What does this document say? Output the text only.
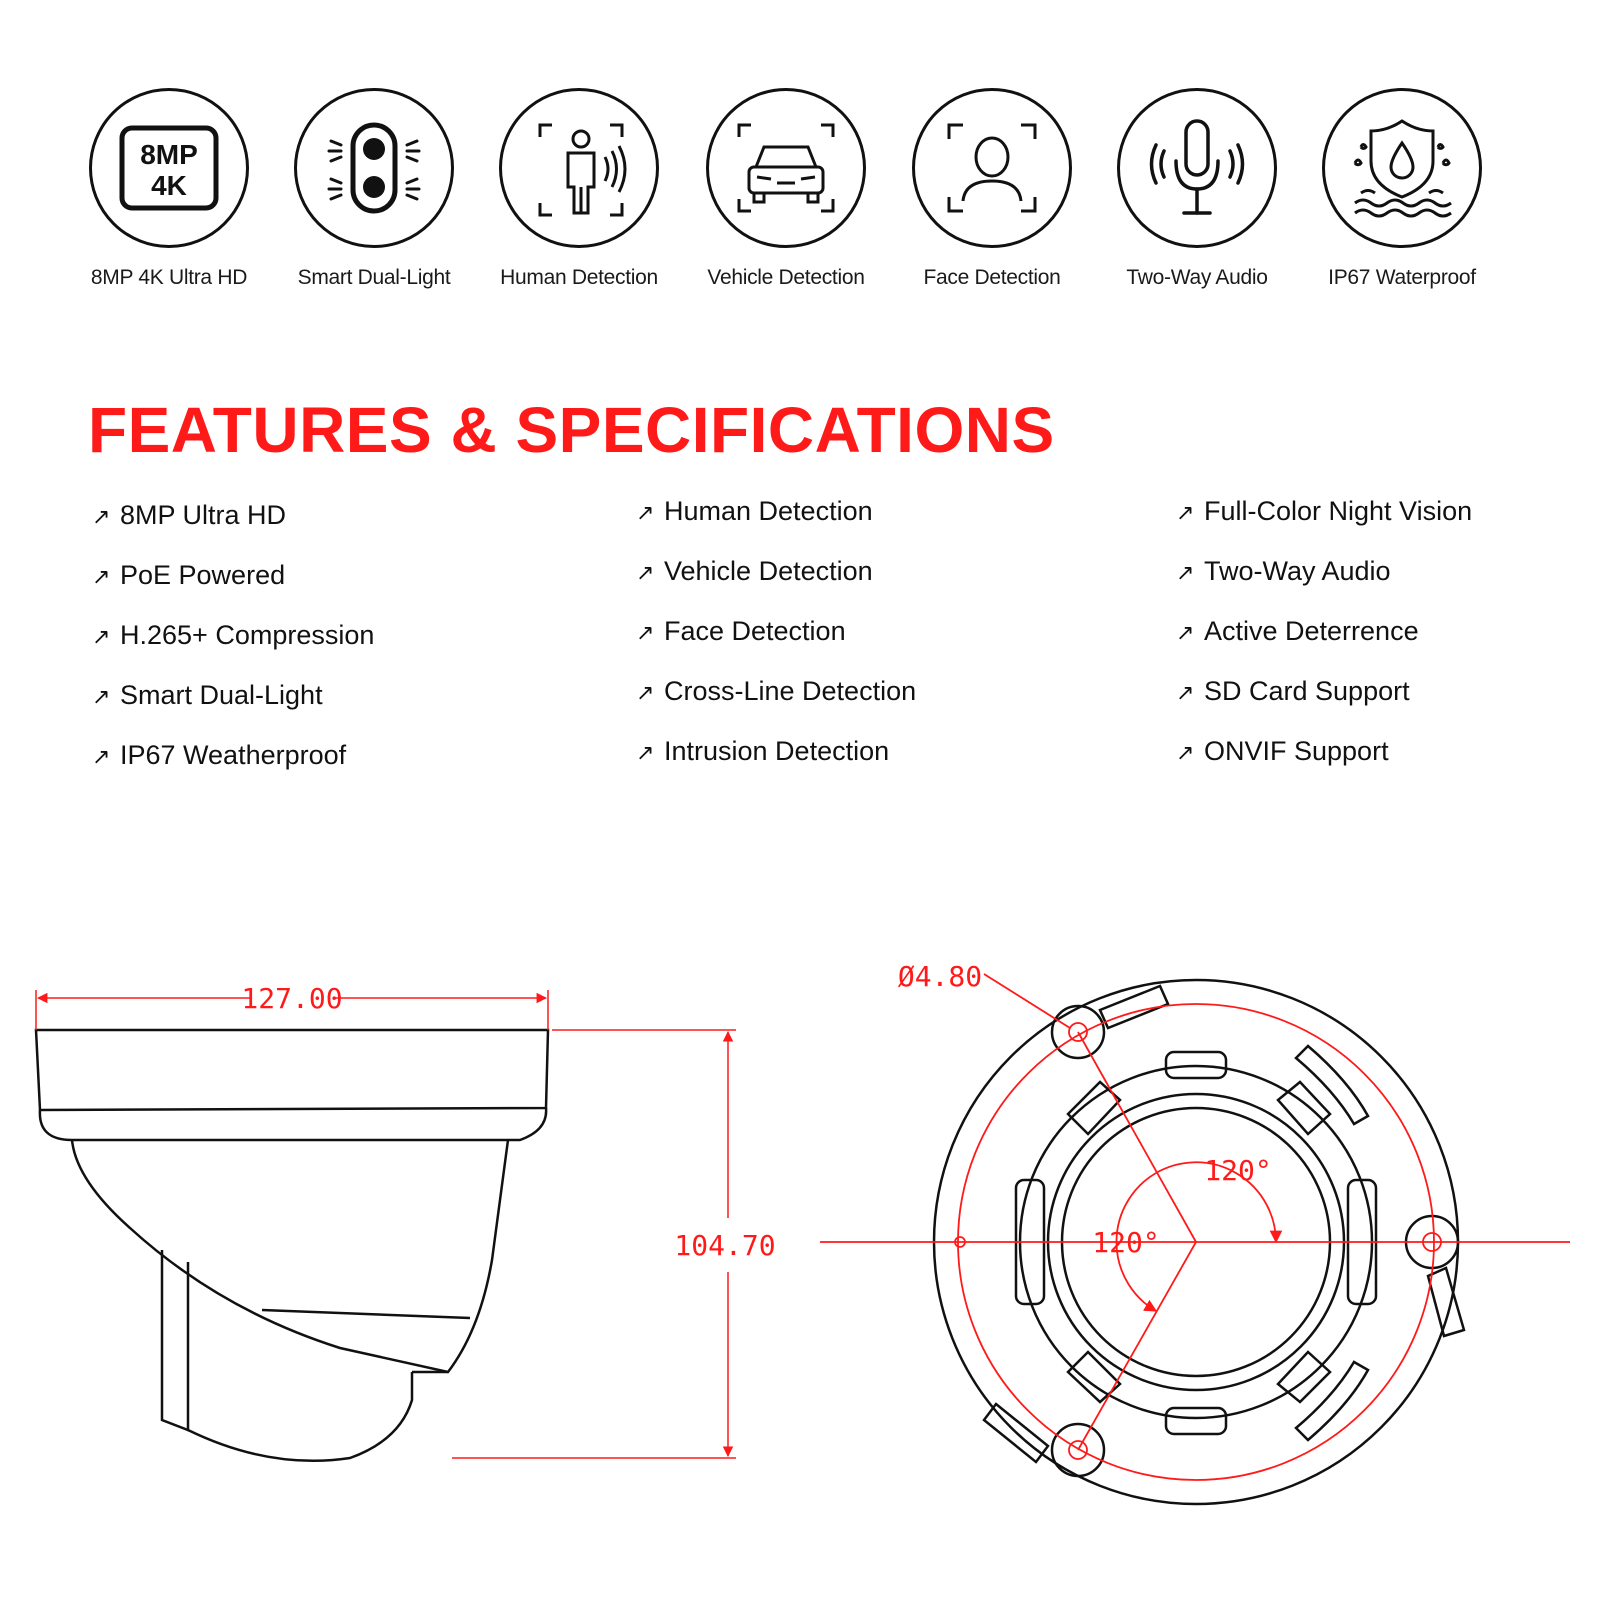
8MP
4K
8MP 4K Ultra HD	Smart Dual-Light	Human Detection	Vehicle Detection	Face Detection	Two-Way Audio	IP67 Waterproof
FEATURES & SPECIFICATIONS
↗ 8MP Ultra HD
↗ PoE Powered
↗ H.265+ Compression
↗ Smart Dual-Light
↗ IP67 Weatherproof
↗ Human Detection
↗ Vehicle Detection
↗ Face Detection
↗ Cross-Line Detection
↗ Intrusion Detection
↗ Full-Color Night Vision
↗ Two-Way Audio
↗ Active Deterrence
↗ SD Card Support
↗ ONVIF Support
127.00
104.70
Ø4.80
120°
120°
